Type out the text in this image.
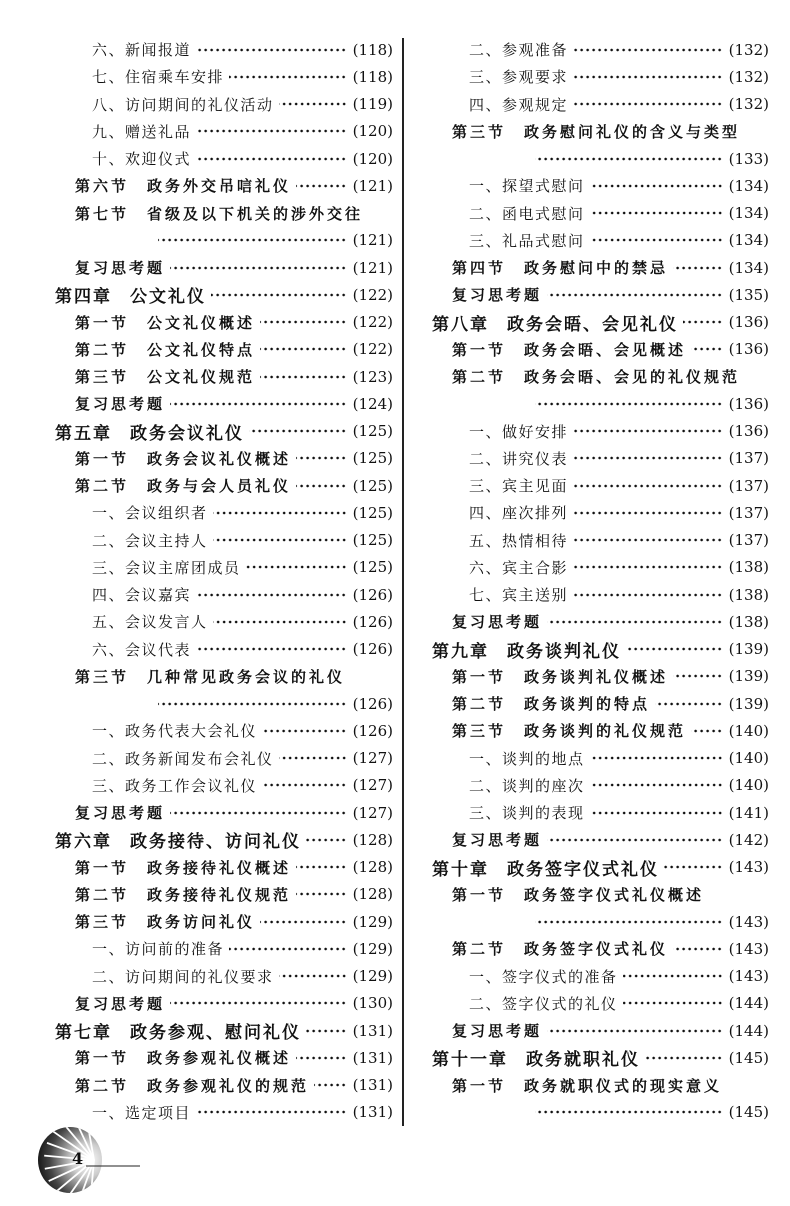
六、新闻报道	(118)
七、住宿乘车安排	(118)
八、访问期间的礼仪活动	(119)
九、赠送礼品	(120)
十、欢迎仪式	(120)
第六节 政务外交吊唁礼仪	(121)
第七节 省级及以下机关的涉外交往
(121)
复习思考题	(121)
第四章 公文礼仪	(122)
第一节 公文礼仪概述	(122)
第二节 公文礼仪特点	(122)
第三节 公文礼仪规范	(123)
复习思考题	(124)
第五章 政务会议礼仪	(125)
第一节 政务会议礼仪概述	(125)
第二节 政务与会人员礼仪	(125)
一、会议组织者	(125)
二、会议主持人	(125)
三、会议主席团成员	(125)
四、会议嘉宾	(126)
五、会议发言人	(126)
六、会议代表	(126)
第三节 几种常见政务会议的礼仪
(126)
一、政务代表大会礼仪	(126)
二、政务新闻发布会礼仪	(127)
三、政务工作会议礼仪	(127)
复习思考题	(127)
第六章 政务接待、访问礼仪	(128)
第一节 政务接待礼仪概述	(128)
第二节 政务接待礼仪规范	(128)
第三节 政务访问礼仪	(129)
一、访问前的准备	(129)
二、访问期间的礼仪要求	(129)
复习思考题	(130)
第七章 政务参观、慰问礼仪	(131)
第一节 政务参观礼仪概述	(131)
第二节 政务参观礼仪的规范	(131)
一、选定项目	(131)
二、参观准备	(132)
三、参观要求	(132)
四、参观规定	(132)
第三节 政务慰问礼仪的含义与类型
(133)
一、探望式慰问	(134)
二、函电式慰问	(134)
三、礼品式慰问	(134)
第四节 政务慰问中的禁忌	(134)
复习思考题	(135)
第八章 政务会晤、会见礼仪	(136)
第一节 政务会晤、会见概述	(136)
第二节 政务会晤、会见的礼仪规范
(136)
一、做好安排	(136)
二、讲究仪表	(137)
三、宾主见面	(137)
四、座次排列	(137)
五、热情相待	(137)
六、宾主合影	(138)
七、宾主送别	(138)
复习思考题	(138)
第九章 政务谈判礼仪	(139)
第一节 政务谈判礼仪概述	(139)
第二节 政务谈判的特点	(139)
第三节 政务谈判的礼仪规范	(140)
一、谈判的地点	(140)
二、谈判的座次	(140)
三、谈判的表现	(141)
复习思考题	(142)
第十章 政务签字仪式礼仪	(143)
第一节 政务签字仪式礼仪概述
(143)
第二节 政务签字仪式礼仪	(143)
一、签字仪式的准备	(143)
二、签字仪式的礼仪	(144)
复习思考题	(144)
第十一章 政务就职礼仪	(145)
第一节 政务就职仪式的现实意义
(145)
4
